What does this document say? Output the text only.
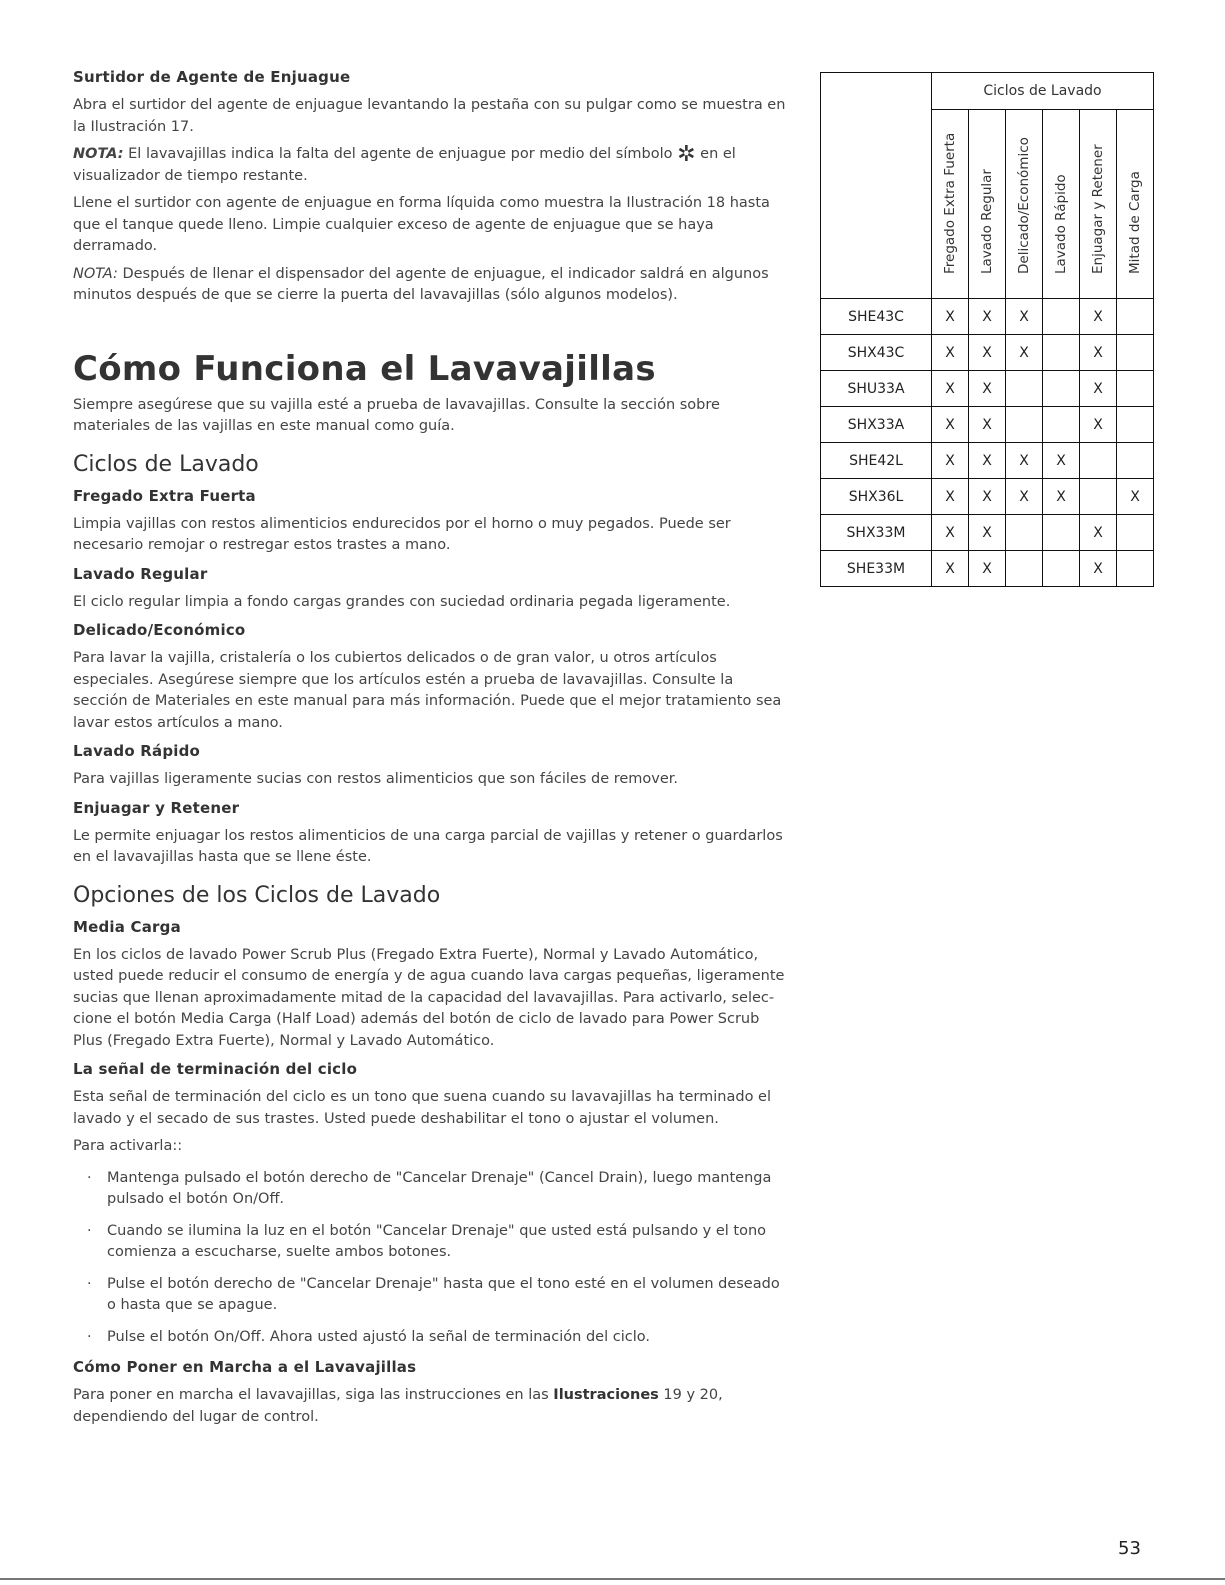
Surtidor de Agente de Enjuague

Abra el surtidor del agente de enjuague levantando la pestaña con su pulgar como se muestra en la Ilustración 17.

NOTA: El lavavajillas indica la falta del agente de enjuague por medio del símbolo ✲ en el visualizador de tiempo restante.

Llene el surtidor con agente de enjuague en forma líquida como muestra la Ilustración 18 hasta que el tanque quede lleno. Limpie cualquier exceso de agente de enjuague que se haya derramado.

NOTA: Después de llenar el dispensador del agente de enjuague, el indicador saldrá en algunos minutos después de que se cierre la puerta del lavavajillas (sólo algunos modelos).

Cómo Funciona el Lavavajillas

Siempre asegúrese que su vajilla esté a prueba de lavavajillas. Consulte la sección sobre materiales de las vajillas en este manual como guía.

Ciclos de Lavado
Fregado Extra Fuerta

Limpia vajillas con restos alimenticios endurecidos por el horno o muy pegados. Puede ser necesario remojar o restregar estos trastes a mano.

Lavado Regular

El ciclo regular limpia a fondo cargas grandes con suciedad ordinaria pegada ligeramente.

Delicado/Económico

Para lavar la vajilla, cristalería o los cubiertos delicados o de gran valor, u otros artículos especiales. Asegúrese siempre que los artículos estén a prueba de lavavajillas. Consulte la sección de Materiales en este manual para más información. Puede que el mejor tratamiento sea lavar estos artículos a mano.

Lavado Rápido

Para vajillas ligeramente sucias con restos alimenticios que son fáciles de remover.

Enjuagar y Retener

Le permite enjuagar los restos alimenticios de una carga parcial de vajillas y retener o guardarlos en el lavavajillas hasta que se llene éste.

Opciones de los Ciclos de Lavado
Media Carga

En los ciclos de lavado Power Scrub Plus (Fregado Extra Fuerte), Normal y Lavado Automático, usted puede reducir el consumo de energía y de agua cuando lava cargas pequeñas, ligeramente sucias que llenan aproximadamente mitad de la capacidad del lavavajillas. Para activarlo, selec-cione el botón Media Carga (Half Load) además del botón de ciclo de lavado para Power Scrub Plus (Fregado Extra Fuerte), Normal y Lavado Automático.

La señal de terminación del ciclo

Esta señal de terminación del ciclo es un tono que suena cuando su lavavajillas ha terminado el lavado y el secado de sus trastes. Usted puede deshabilitar el tono o ajustar el volumen.

Para activarla::

· Mantenga pulsado el botón derecho de "Cancelar Drenaje" (Cancel Drain), luego mantenga pulsado el botón On/Off.
· Cuando se ilumina la luz en el botón "Cancelar Drenaje" que usted está pulsando y el tono comienza a escucharse, suelte ambos botones.
· Pulse el botón derecho de "Cancelar Drenaje" hasta que el tono esté en el volumen deseado o hasta que se apague.
· Pulse el botón On/Off. Ahora usted ajustó la señal de terminación del ciclo.
Cómo Poner en Marcha a el Lavavajillas

Para poner en marcha el lavavajillas, siga las instrucciones en las Ilustraciones 19 y 20, dependiendo del lugar de control.

	Ciclos de Lavado					

	Fregado Extra Fuerta	Lavado Regular	Delicado/Económico	Lavado Rápido	Enjuagar y Retener	Mitad de Carga

SHE43C	X	X	X		X	
SHX43C	X	X	X		X	
SHU33A	X	X			X	
SHX33A	X	X			X	
SHE42L	X	X	X	X		
SHX36L	X	X	X	X		X
SHX33M	X	X			X	
SHE33M	X	X			X	
53
